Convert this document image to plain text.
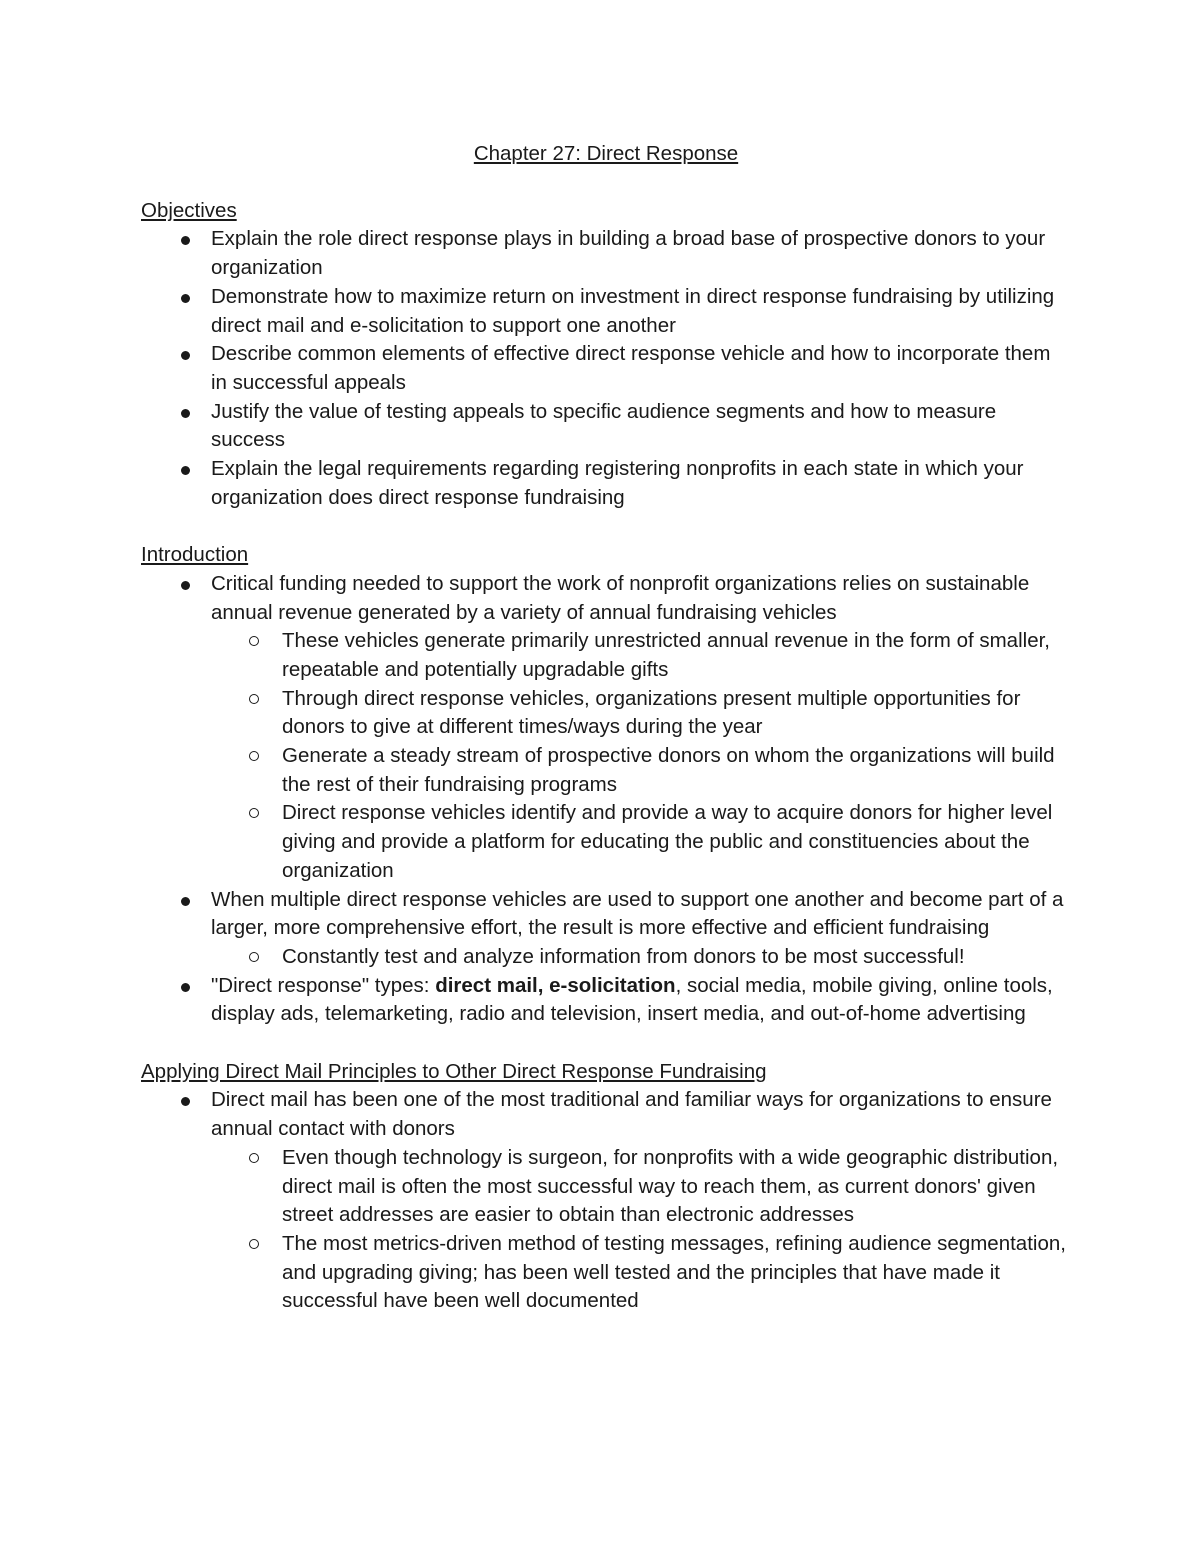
Chapter 27: Direct Response
Objectives
Explain the role direct response plays in building a broad base of prospective donors to your organization
Demonstrate how to maximize return on investment in direct response fundraising by utilizing direct mail and e-solicitation to support one another
Describe common elements of effective direct response vehicle and how to incorporate them in successful appeals
Justify the value of testing appeals to specific audience segments and how to measure success
Explain the legal requirements regarding registering nonprofits in each state in which your organization does direct response fundraising
Introduction
Critical funding needed to support the work of nonprofit organizations relies on sustainable annual revenue generated by a variety of annual fundraising vehicles
These vehicles generate primarily unrestricted annual revenue in the form of smaller, repeatable and potentially upgradable gifts
Through direct response vehicles, organizations present multiple opportunities for donors to give at different times/ways during the year
Generate a steady stream of prospective donors on whom the organizations will build the rest of their fundraising programs
Direct response vehicles identify and provide a way to acquire donors for higher level giving and provide a platform for educating the public and constituencies about the organization
When multiple direct response vehicles are used to support one another and become part of a larger, more comprehensive effort, the result is more effective and efficient fundraising
Constantly test and analyze information from donors to be most successful!
"Direct response" types: direct mail, e-solicitation, social media, mobile giving, online tools, display ads, telemarketing, radio and television, insert media, and out-of-home advertising
Applying Direct Mail Principles to Other Direct Response Fundraising
Direct mail has been one of the most traditional and familiar ways for organizations to ensure annual contact with donors
Even though technology is surgeon, for nonprofits with a wide geographic distribution, direct mail is often the most successful way to reach them, as current donors' given street addresses are easier to obtain than electronic addresses
The most metrics-driven method of testing messages, refining audience segmentation, and upgrading giving; has been well tested and the principles that have made it successful have been well documented
